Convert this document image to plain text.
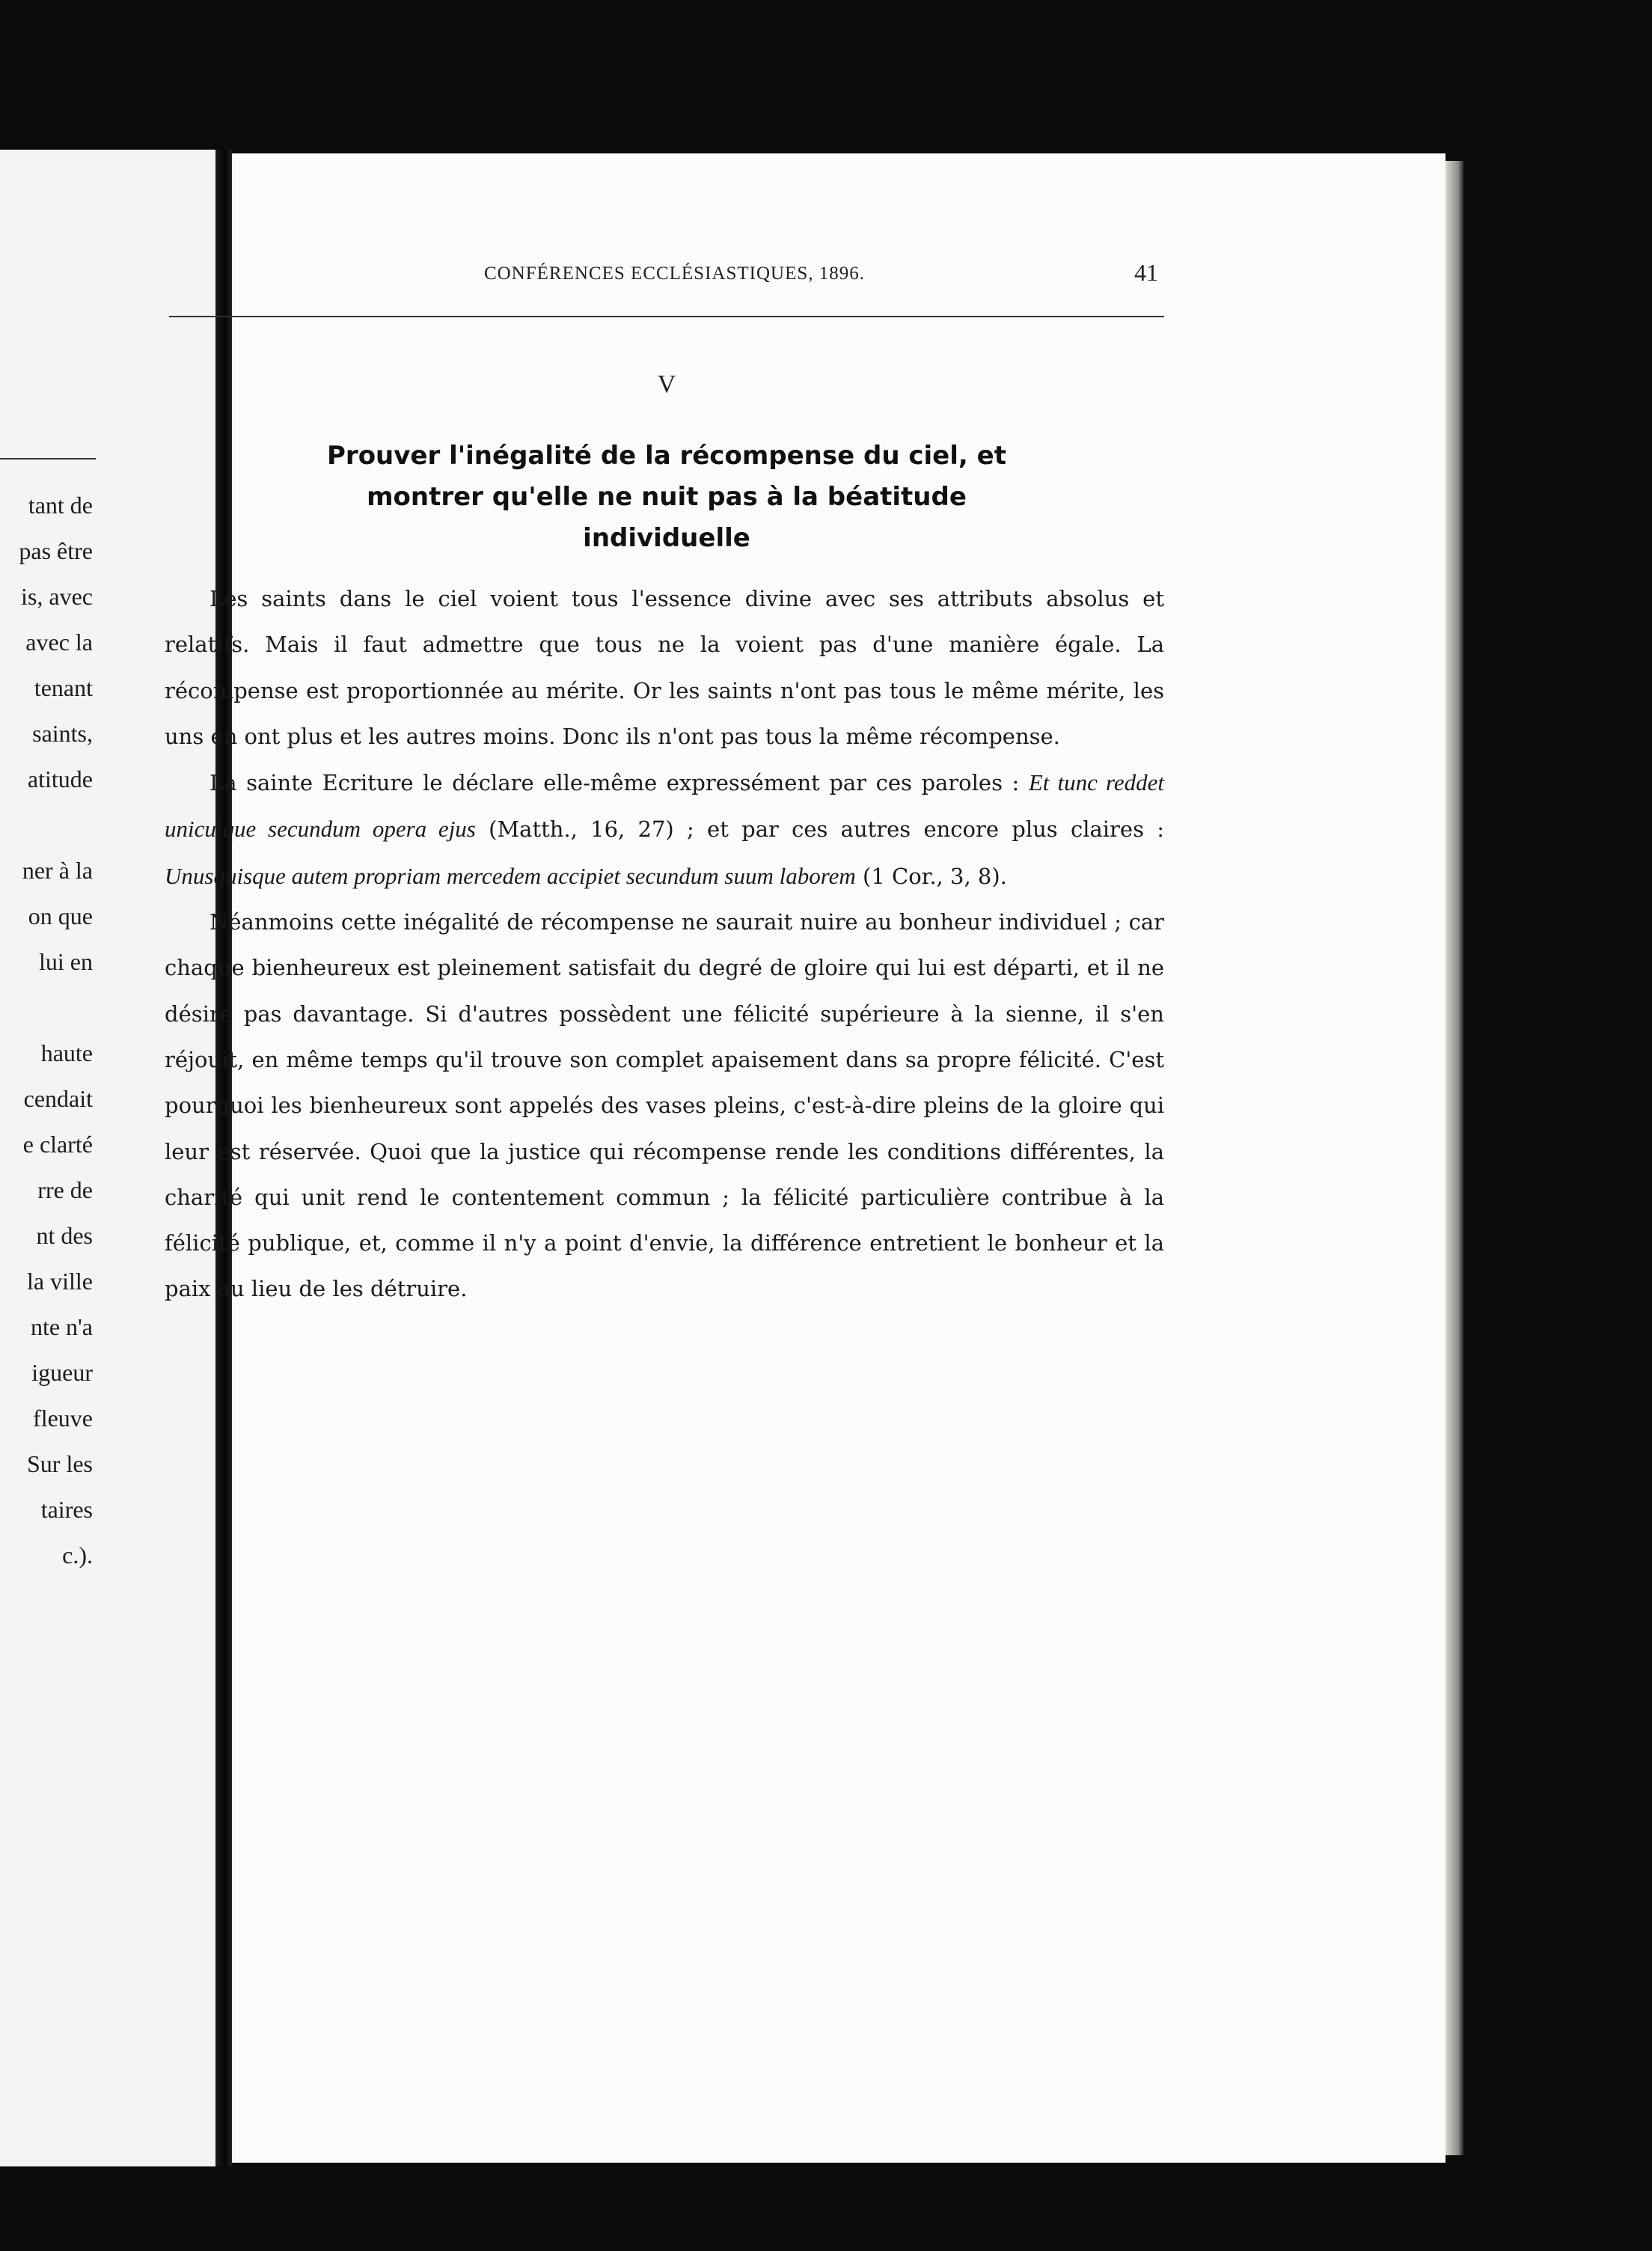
tant de
pas être
is, avec
avec la
tenant
saints,
atitude
ner à la
on que
lui en
haute
cendait
e clarté
rre de
nt des
la ville
nte n'a
igueur
fleuve
Sur les
taires
c.).
CONFÉRENCES ECCLÉSIASTIQUES, 1896.	41
V
Prouver l'inégalité de la récompense du ciel, et
montrer qu'elle ne nuit pas à la béatitude
individuelle

Les saints dans le ciel voient tous l'essence divine avec ses attributs absolus et relatifs. Mais il faut admettre que tous ne la voient pas d'une manière égale. La récompense est proportionnée au mérite. Or les saints n'ont pas tous le même mérite, les uns en ont plus et les autres moins. Donc ils n'ont pas tous la même récompense.

La sainte Ecriture le déclare elle-même expressément par ces paroles : Et tunc reddet unicuique secundum opera ejus (Matth., 16, 27) ; et par ces autres encore plus claires : Unusquisque autem propriam mercedem accipiet secundum suum laborem (1 Cor., 3, 8).

Néanmoins cette inégalité de récompense ne saurait nuire au bonheur individuel ; car chaque bienheureux est pleinement satisfait du degré de gloire qui lui est départi, et il ne désire pas davantage. Si d'autres possèdent une félicité supérieure à la sienne, il s'en réjouit, en même temps qu'il trouve son complet apaisement dans sa propre félicité. C'est pourquoi les bienheureux sont appelés des vases pleins, c'est-à-dire pleins de la gloire qui leur est réservée. Quoi que la justice qui récompense rende les conditions différentes, la charité qui unit rend le contentement commun ; la félicité particulière contribue à la félicité publique, et, comme il n'y a point d'envie, la différence entretient le bonheur et la paix au lieu de les détruire.
